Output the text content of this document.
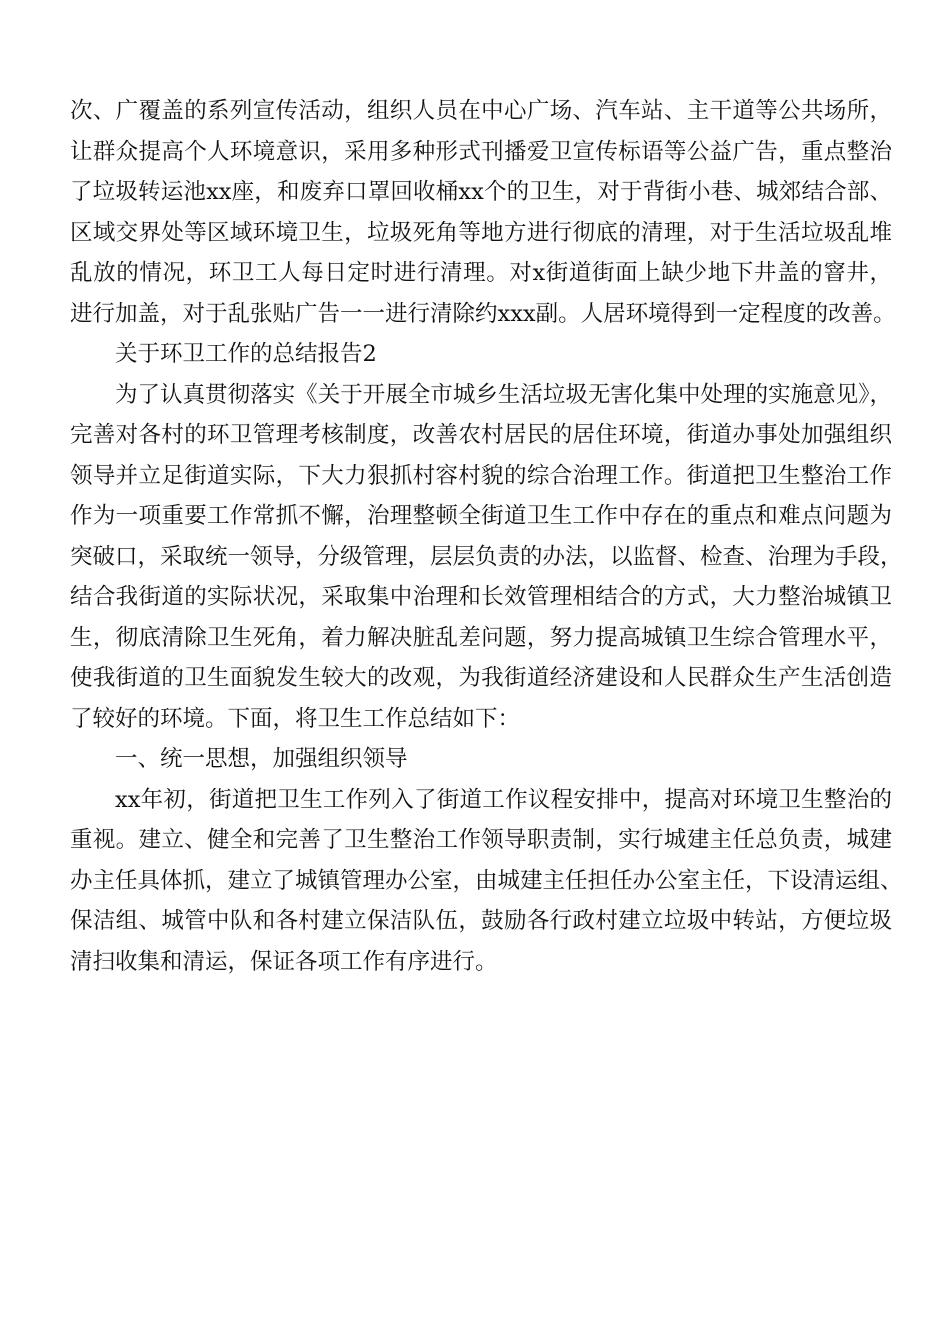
次、广覆盖的系列宣传活动，组织人员在中心广场、汽车站、主干道等公共场所，
让群众提高个人环境意识，采用多种形式刊播爱卫宣传标语等公益广告，重点整治
了垃圾转运池xx座，和废弃口罩回收桶xx个的卫生，对于背街小巷、城郊结合部、
区域交界处等区域环境卫生，垃圾死角等地方进行彻底的清理，对于生活垃圾乱堆
乱放的情况，环卫工人每日定时进行清理。对x街道街面上缺少地下井盖的窨井，
进行加盖，对于乱张贴广告一一进行清除约xxx副。人居环境得到一定程度的改善。
关于环卫工作的总结报告2
为了认真贯彻落实《关于开展全市城乡生活垃圾无害化集中处理的实施意见》，
完善对各村的环卫管理考核制度，改善农村居民的居住环境，街道办事处加强组织
领导并立足街道实际，下大力狠抓村容村貌的综合治理工作。街道把卫生整治工作
作为一项重要工作常抓不懈，治理整顿全街道卫生工作中存在的重点和难点问题为
突破口，采取统一领导，分级管理，层层负责的办法，以监督、检查、治理为手段，
结合我街道的实际状况，采取集中治理和长效管理相结合的方式，大力整治城镇卫
生，彻底清除卫生死角，着力解决脏乱差问题，努力提高城镇卫生综合管理水平，
使我街道的卫生面貌发生较大的改观，为我街道经济建设和人民群众生产生活创造
了较好的环境。下面，将卫生工作总结如下：
一、统一思想，加强组织领导
xx年初，街道把卫生工作列入了街道工作议程安排中，提高对环境卫生整治的
重视。建立、健全和完善了卫生整治工作领导职责制，实行城建主任总负责，城建
办主任具体抓，建立了城镇管理办公室，由城建主任担任办公室主任，下设清运组、
保洁组、城管中队和各村建立保洁队伍，鼓励各行政村建立垃圾中转站，方便垃圾
清扫收集和清运，保证各项工作有序进行。
